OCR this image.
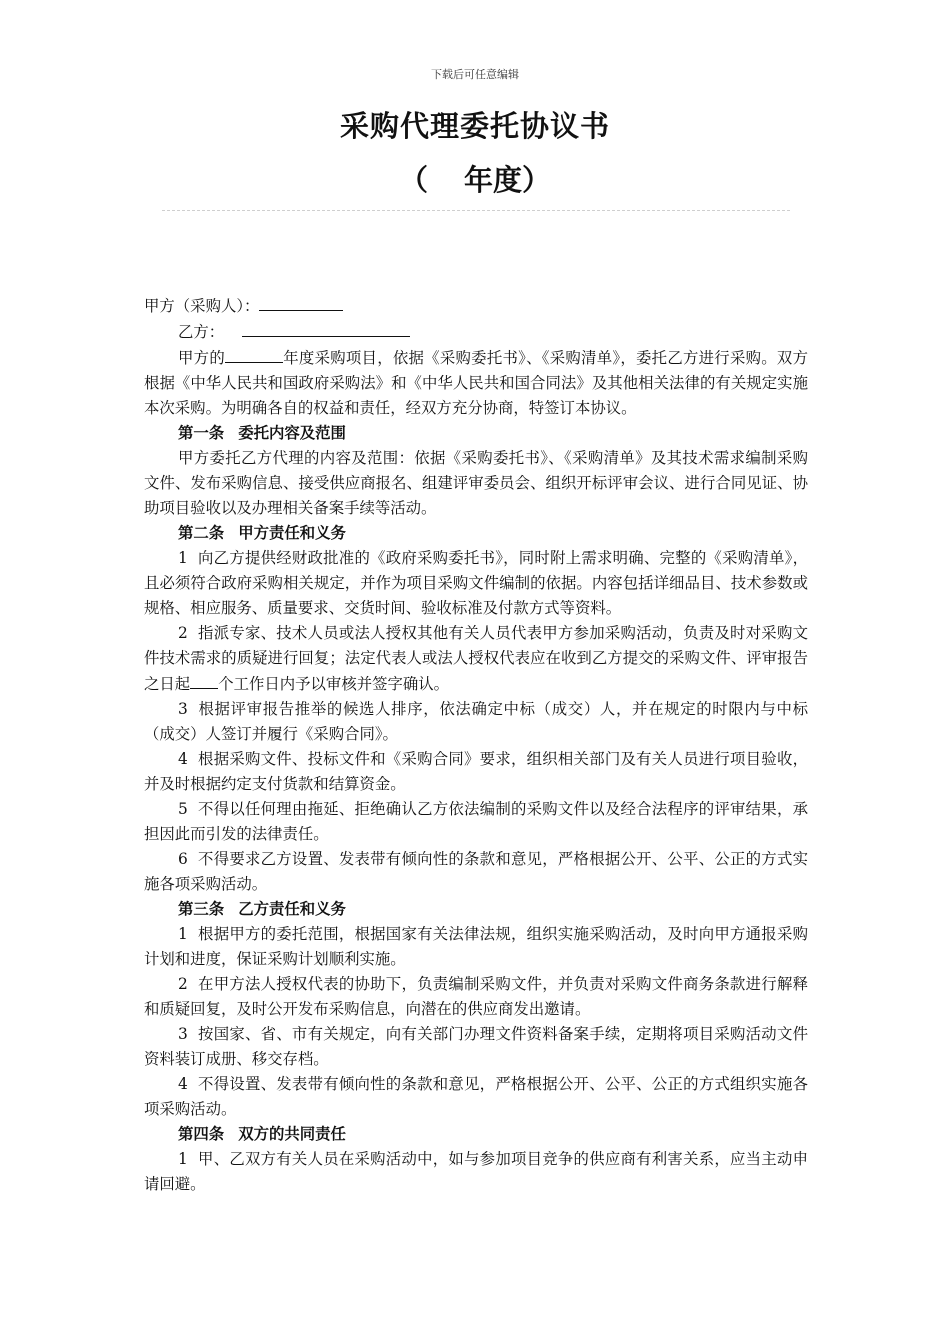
下载后可任意编辑
采购代理委托协议书
（ 年度）

甲方（采购人）：

乙方：

甲方的	年度采购项目，依据《采购委托书》、《采购清单》，委托乙方进行采购。双方根据《中华人民共和国政府采购法》和《中华人民共和国合同法》及其他相关法律的有关规定实施本次采购。为明确各自的权益和责任，经双方充分协商，特签订本协议。

第一条 委托内容及范围

甲方委托乙方代理的内容及范围：依据《采购委托书》、《采购清单》及其技术需求编制采购文件、发布采购信息、接受供应商报名、组建评审委员会、组织开标评审会议、进行合同见证、协助项目验收以及办理相关备案手续等活动。

第二条 甲方责任和义务

1 向乙方提供经财政批准的《政府采购委托书》，同时附上需求明确、完整的《采购清单》，且必须符合政府采购相关规定，并作为项目采购文件编制的依据。内容包括详细品目、技术参数或规格、相应服务、质量要求、交货时间、验收标准及付款方式等资料。

2 指派专家、技术人员或法人授权其他有关人员代表甲方参加采购活动，负责及时对采购文件技术需求的质疑进行回复；法定代表人或法人授权代表应在收到乙方提交的采购文件、评审报告之日起 个工作日内予以审核并签字确认。

3 根据评审报告推举的候选人排序，依法确定中标（成交）人，并在规定的时限内与中标（成交）人签订并履行《采购合同》。

4 根据采购文件、投标文件和《采购合同》要求，组织相关部门及有关人员进行项目验收，并及时根据约定支付货款和结算资金。

5 不得以任何理由拖延、拒绝确认乙方依法编制的采购文件以及经合法程序的评审结果，承担因此而引发的法律责任。

6 不得要求乙方设置、发表带有倾向性的条款和意见，严格根据公开、公平、公正的方式实施各项采购活动。

第三条 乙方责任和义务

1 根据甲方的委托范围，根据国家有关法律法规，组织实施采购活动，及时向甲方通报采购计划和进度，保证采购计划顺利实施。

2 在甲方法人授权代表的协助下，负责编制采购文件，并负责对采购文件商务条款进行解释和质疑回复，及时公开发布采购信息，向潜在的供应商发出邀请。

3 按国家、省、市有关规定，向有关部门办理文件资料备案手续，定期将项目采购活动文件资料装订成册、移交存档。

4 不得设置、发表带有倾向性的条款和意见，严格根据公开、公平、公正的方式组织实施各项采购活动。

第四条 双方的共同责任

1 甲、乙双方有关人员在采购活动中，如与参加项目竞争的供应商有利害关系，应当主动申请回避。
